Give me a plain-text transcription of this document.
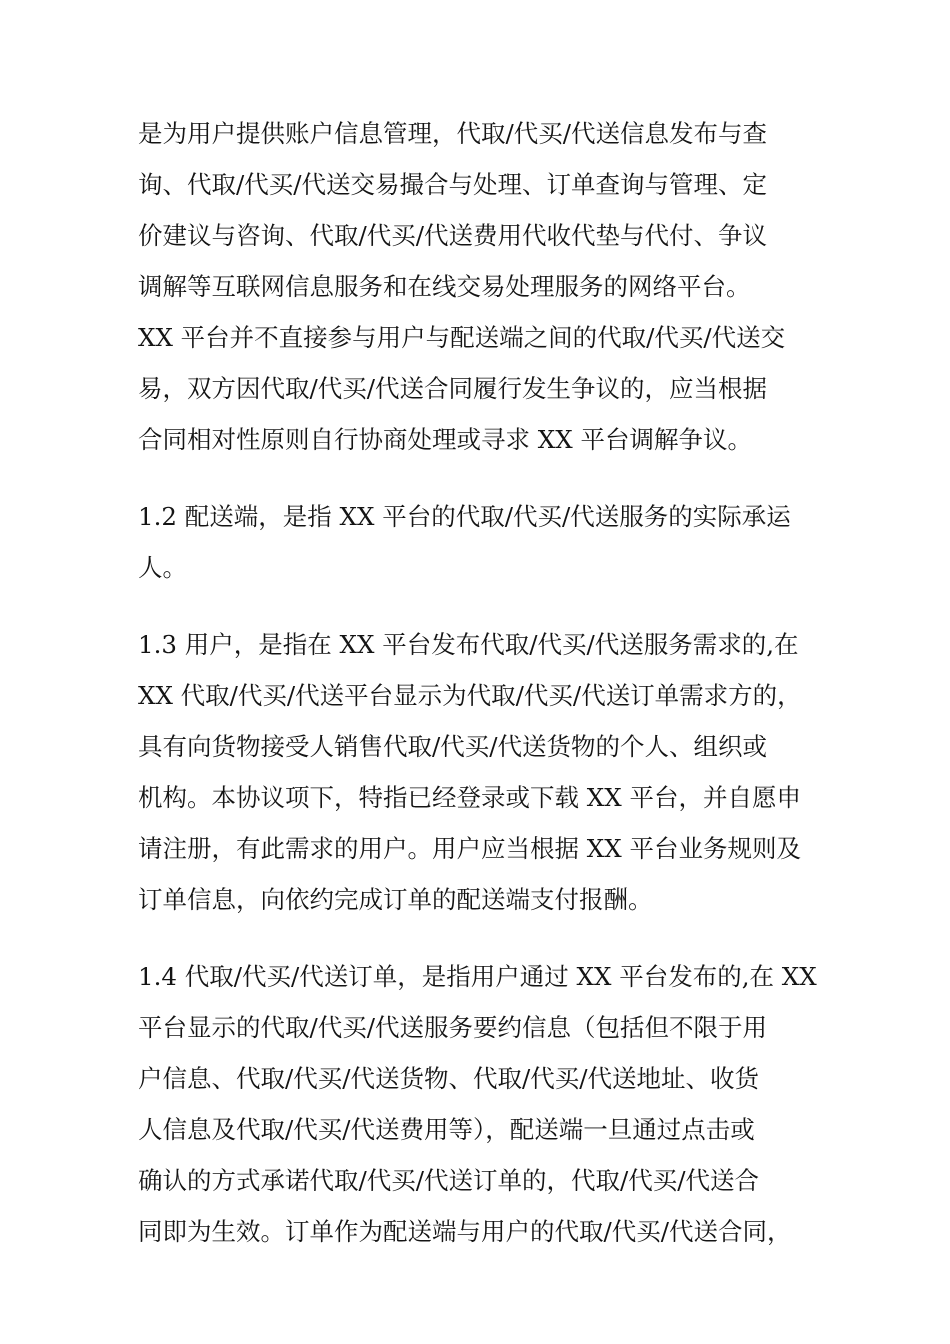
是为用户提供账户信息管理，代取/代买/代送信息发布与查
询、代取/代买/代送交易撮合与处理、订单查询与管理、定
价建议与咨询、代取/代买/代送费用代收代垫与代付、争议
调解等互联网信息服务和在线交易处理服务的网络平台。
XX 平台并不直接参与用户与配送端之间的代取/代买/代送交
易，双方因代取/代买/代送合同履行发生争议的，应当根据
合同相对性原则自行协商处理或寻求 XX 平台调解争议。
1.2 配送端，是指 XX 平台的代取/代买/代送服务的实际承运
人。
1.3 用户，是指在 XX 平台发布代取/代买/代送服务需求的,在
XX 代取/代买/代送平台显示为代取/代买/代送订单需求方的，
具有向货物接受人销售代取/代买/代送货物的个人、组织或
机构。本协议项下，特指已经登录或下载 XX 平台，并自愿申
请注册，有此需求的用户。用户应当根据 XX 平台业务规则及
订单信息，向依约完成订单的配送端支付报酬。
1.4 代取/代买/代送订单，是指用户通过 XX 平台发布的,在 XX
平台显示的代取/代买/代送服务要约信息（包括但不限于用
户信息、代取/代买/代送货物、代取/代买/代送地址、收货
人信息及代取/代买/代送费用等），配送端一旦通过点击或
确认的方式承诺代取/代买/代送订单的，代取/代买/代送合
同即为生效。订单作为配送端与用户的代取/代买/代送合同，
